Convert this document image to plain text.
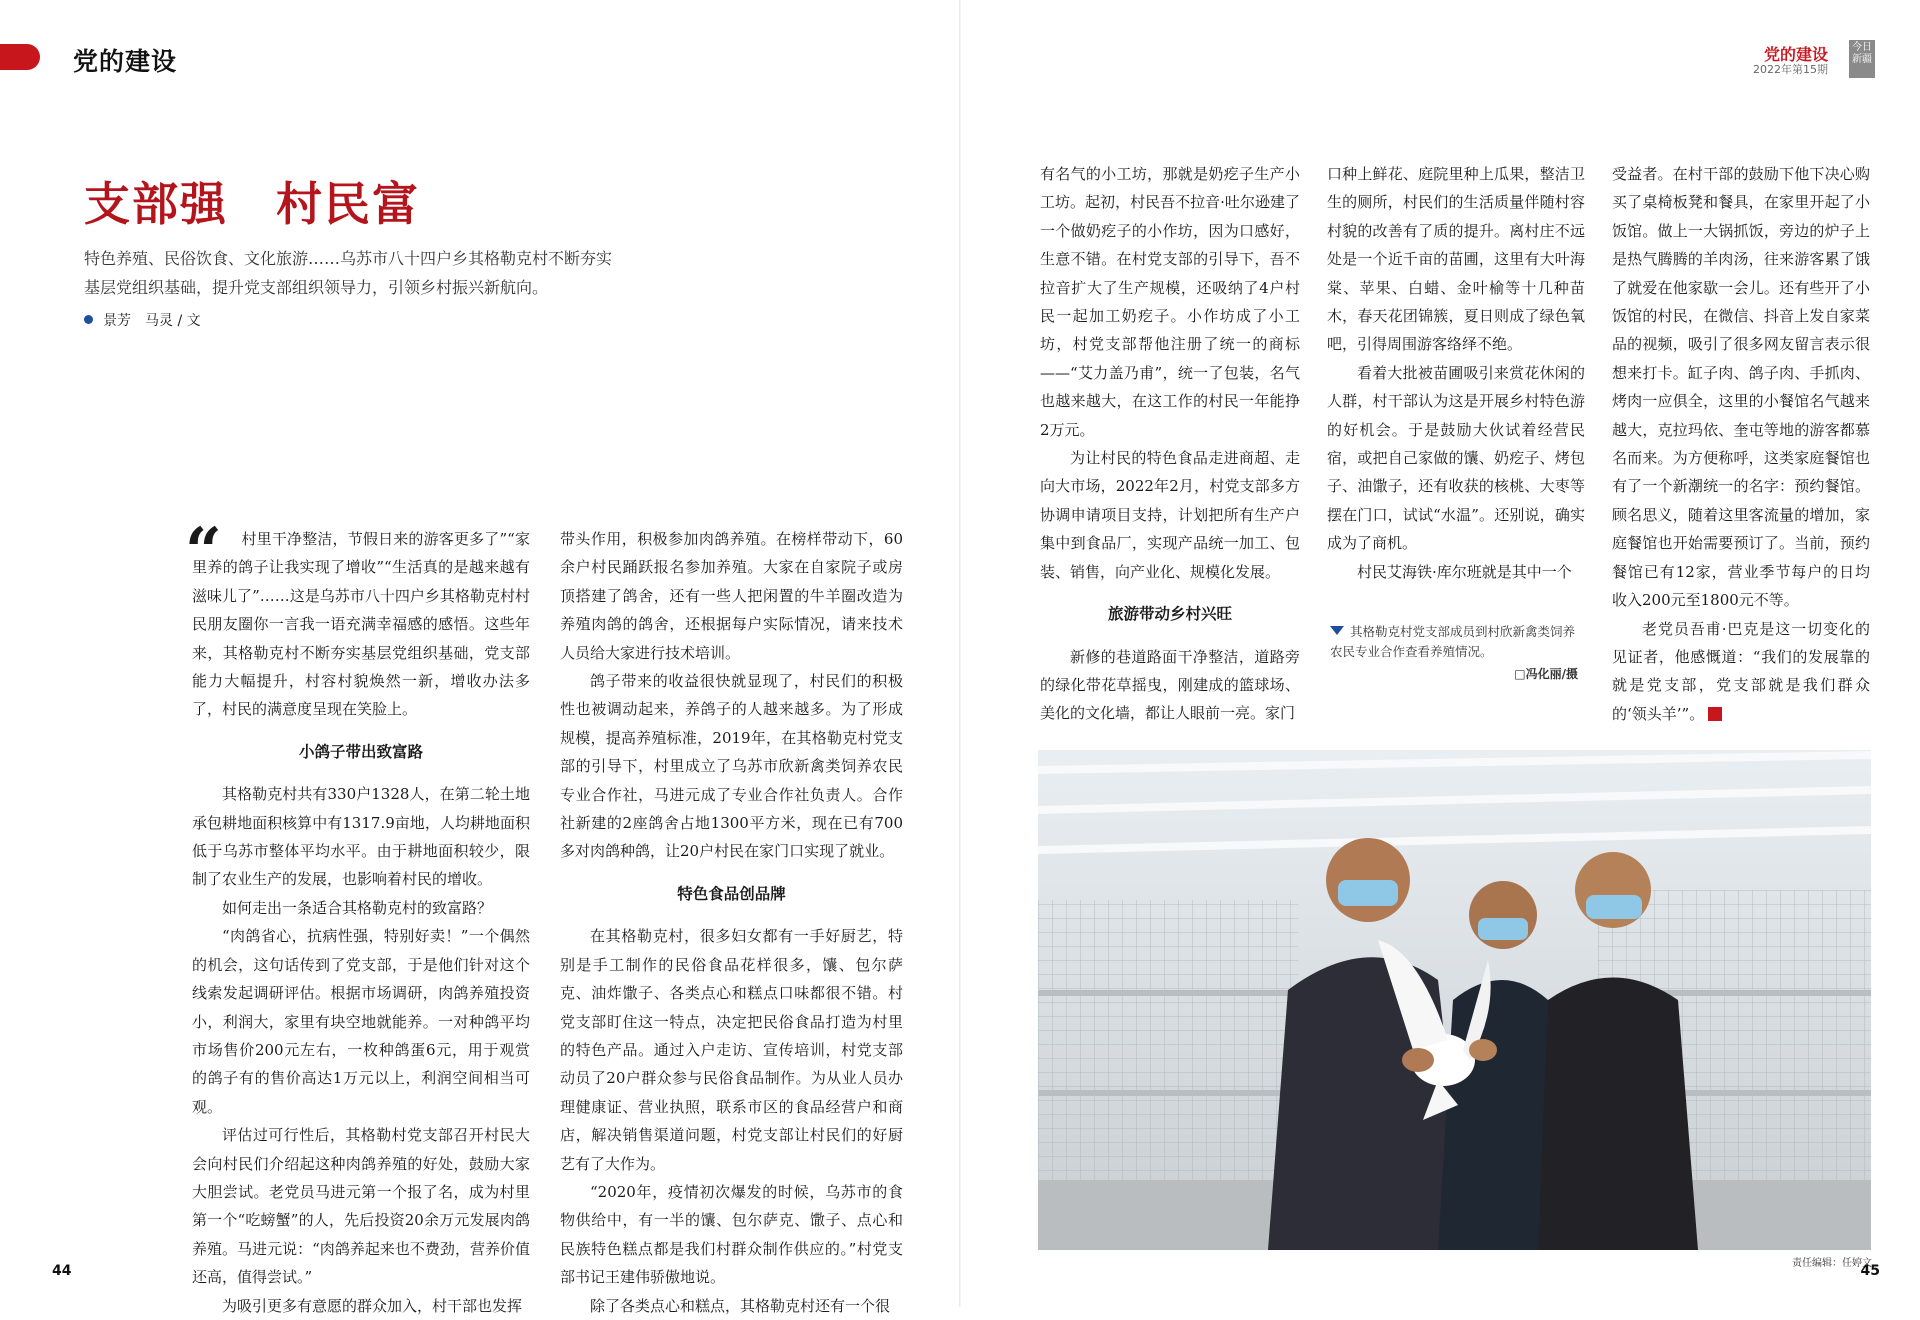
党的建设	党的建设
2022年第15期
今日新疆
支部强　村民富
特色养殖、民俗饮食、文化旅游……乌苏市八十四户乡其格勒克村不断夯实基层党组织基础，提升党支部组织领导力，引领乡村振兴新航向。
景芳　马灵 / 文
“	村里干净整洁，节假日来的游客更多了”“家里养的鸽子让我实现了增收”“生活真的是越来越有滋味儿了”……这是乌苏市八十四户乡其格勒克村村民朋友圈你一言我一语充满幸福感的感悟。这些年来，其格勒克村不断夯实基层党组织基础，党支部能力大幅提升，村容村貌焕然一新，增收办法多了，村民的满意度呈现在笑脸上。

小鸽子带出致富路

其格勒克村共有330户1328人，在第二轮土地承包耕地面积核算中有1317.9亩地，人均耕地面积低于乌苏市整体平均水平。由于耕地面积较少，限制了农业生产的发展，也影响着村民的增收。

如何走出一条适合其格勒克村的致富路？

“肉鸽省心，抗病性强，特别好卖！”一个偶然的机会，这句话传到了党支部，于是他们针对这个线索发起调研评估。根据市场调研，肉鸽养殖投资小，利润大，家里有块空地就能养。一对种鸽平均市场售价200元左右，一枚种鸽蛋6元，用于观赏的鸽子有的售价高达1万元以上，利润空间相当可观。

评估过可行性后，其格勒村党支部召开村民大会向村民们介绍起这种肉鸽养殖的好处，鼓励大家大胆尝试。老党员马进元第一个报了名，成为村里第一个“吃螃蟹”的人，先后投资20余万元发展肉鸽养殖。马进元说：“肉鸽养起来也不费劲，营养价值还高，值得尝试。”

为吸引更多有意愿的群众加入，村干部也发挥

带头作用，积极参加肉鸽养殖。在榜样带动下，60余户村民踊跃报名参加养殖。大家在自家院子或房顶搭建了鸽舍，还有一些人把闲置的牛羊圈改造为养殖肉鸽的鸽舍，还根据每户实际情况，请来技术人员给大家进行技术培训。

鸽子带来的收益很快就显现了，村民们的积极性也被调动起来，养鸽子的人越来越多。为了形成规模，提高养殖标准，2019年，在其格勒克村党支部的引导下，村里成立了乌苏市欣新禽类饲养农民专业合作社，马进元成了专业合作社负责人。合作社新建的2座鸽舍占地1300平方米，现在已有700多对肉鸽种鸽，让20户村民在家门口实现了就业。

特色食品创品牌

在其格勒克村，很多妇女都有一手好厨艺，特别是手工制作的民俗食品花样很多，馕、包尔萨克、油炸馓子、各类点心和糕点口味都很不错。村党支部盯住这一特点，决定把民俗食品打造为村里的特色产品。通过入户走访、宣传培训，村党支部动员了20户群众参与民俗食品制作。为从业人员办理健康证、营业执照，联系市区的食品经营户和商店，解决销售渠道问题，村党支部让村民们的好厨艺有了大作为。

“2020年，疫情初次爆发的时候，乌苏市的食物供给中，有一半的馕、包尔萨克、馓子、点心和民族特色糕点都是我们村群众制作供应的。”村党支部书记王建伟骄傲地说。

除了各类点心和糕点，其格勒克村还有一个很

有名气的小工坊，那就是奶疙子生产小工坊。起初，村民吾不拉音·吐尔逊建了一个做奶疙子的小作坊，因为口感好，生意不错。在村党支部的引导下，吾不拉音扩大了生产规模，还吸纳了4户村民一起加工奶疙子。小作坊成了小工坊，村党支部帮他注册了统一的商标——“艾力盖乃甫”，统一了包装，名气也越来越大，在这工作的村民一年能挣2万元。

为让村民的特色食品走进商超、走向大市场，2022年2月，村党支部多方协调申请项目支持，计划把所有生产户集中到食品厂，实现产品统一加工、包装、销售，向产业化、规模化发展。

旅游带动乡村兴旺

新修的巷道路面干净整洁，道路旁的绿化带花草摇曳，刚建成的篮球场、美化的文化墙，都让人眼前一亮。家门

口种上鲜花、庭院里种上瓜果，整洁卫生的厕所，村民们的生活质量伴随村容村貌的改善有了质的提升。离村庄不远处是一个近千亩的苗圃，这里有大叶海棠、苹果、白蜡、金叶榆等十几种苗木，春天花团锦簇，夏日则成了绿色氧吧，引得周围游客络绎不绝。

看着大批被苗圃吸引来赏花休闲的人群，村干部认为这是开展乡村特色游的好机会。于是鼓励大伙试着经营民宿，或把自己家做的馕、奶疙子、烤包子、油馓子，还有收获的核桃、大枣等摆在门口，试试“水温”。还别说，确实成为了商机。

村民艾海铁·库尔班就是其中一个

受益者。在村干部的鼓励下他下决心购买了桌椅板凳和餐具，在家里开起了小饭馆。做上一大锅抓饭，旁边的炉子上是热气腾腾的羊肉汤，往来游客累了饿了就爱在他家歇一会儿。还有些开了小饭馆的村民，在微信、抖音上发自家菜品的视频，吸引了很多网友留言表示很想来打卡。缸子肉、鸽子肉、手抓肉、烤肉一应俱全，这里的小餐馆名气越来越大，克拉玛依、奎屯等地的游客都慕名而来。为方便称呼，这类家庭餐馆也有了一个新潮统一的名字：预约餐馆。顾名思义，随着这里客流量的增加，家庭餐馆也开始需要预订了。当前，预约餐馆已有12家，营业季节每户的日均收入200元至1800元不等。

老党员吾甫·巴克是这一切变化的见证者，他感慨道：“我们的发展靠的就是党支部，党支部就是我们群众的‘领头羊’”。

其格勒克村党支部成员到村欣新禽类饲养农民专业合作查看养殖情况。
□冯化丽/摄
责任编辑：任婷文
44	45
